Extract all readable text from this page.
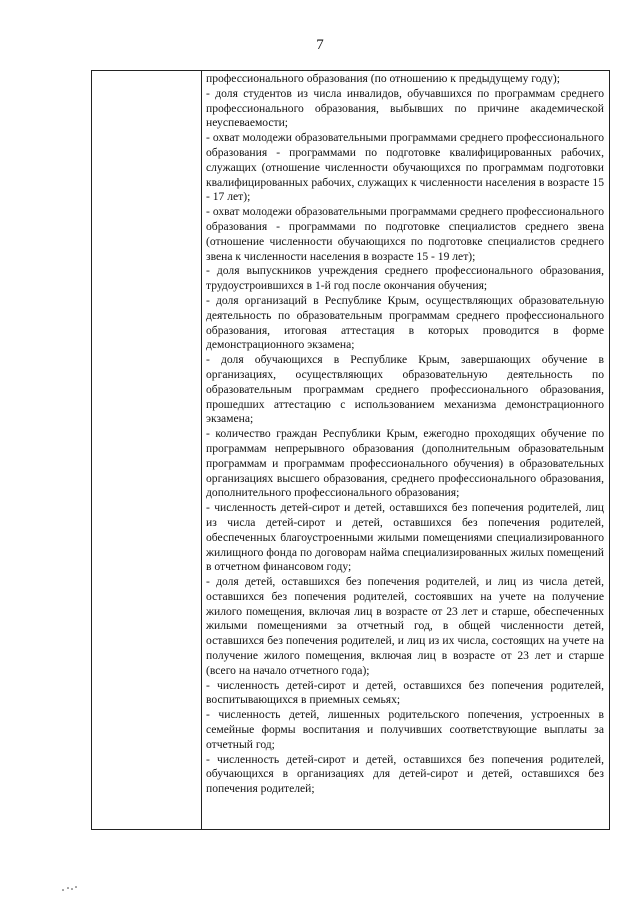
7

профессионального образования (по отношению к предыдущему году);

- доля студентов из числа инвалидов, обучавшихся по программам среднего профессионального образования, выбывших по причине академической неуспеваемости;

- охват молодежи образовательными программами среднего профессионального образования - программами по подготовке квалифицированных рабочих, служащих (отношение численности обучающихся по программам подготовки квалифицированных рабочих, служащих к численности населения в возрасте 15 - 17 лет);

- охват молодежи образовательными программами среднего профессионального образования - программами по подготовке специалистов среднего звена (отношение численности обучающихся по подготовке специалистов среднего звена к численности населения в возрасте 15 - 19 лет);

- доля выпускников учреждения среднего профессионального образования, трудоустроившихся в 1-й год после окончания обучения;

- доля организаций в Республике Крым, осуществляющих образовательную деятельность по образовательным программам среднего профессионального образования, итоговая аттестация в которых проводится в форме демонстрационного экзамена;

- доля обучающихся в Республике Крым, завершающих обучение в организациях, осуществляющих образовательную деятельность по образовательным программам среднего профессионального образования, прошедших аттестацию с использованием механизма демонстрационного экзамена;

- количество граждан Республики Крым, ежегодно проходящих обучение по программам непрерывного образования (дополнительным образовательным программам и программам профессионального обучения) в образовательных организациях высшего образования, среднего профессионального образования, дополнительного профессионального образования;

- численность детей-сирот и детей, оставшихся без попечения родителей, лиц из числа детей-сирот и детей, оставшихся без попечения родителей, обеспеченных благоустроенными жилыми помещениями специализированного жилищного фонда по договорам найма специализированных жилых помещений в отчетном финансовом году;

- доля детей, оставшихся без попечения родителей, и лиц из числа детей, оставшихся без попечения родителей, состоявших на учете на получение жилого помещения, включая лиц в возрасте от 23 лет и старше, обеспеченных жилыми помещениями за отчетный год, в общей численности детей, оставшихся без попечения родителей, и лиц из их числа, состоящих на учете на получение жилого помещения, включая лиц в возрасте от 23 лет и старше (всего на начало отчетного года);

- численность детей-сирот и детей, оставшихся без попечения родителей, воспитывающихся в приемных семьях;

- численность детей, лишенных родительского попечения, устроенных в семейные формы воспитания и получивших соответствующие выплаты за отчетный год;

- численность детей-сирот и детей, оставшихся без попечения родителей, обучающихся в организациях для детей-сирот и детей, оставшихся без попечения родителей;
